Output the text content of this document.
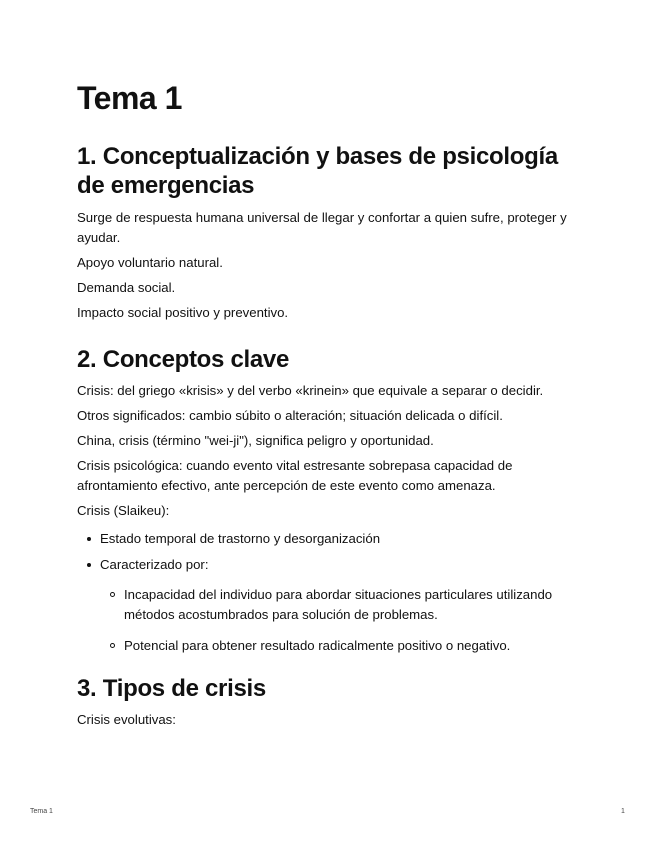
Tema 1
1. Conceptualización y bases de psicología de emergencias

Surge de respuesta humana universal de llegar y confortar a quien sufre, proteger y ayudar.

Apoyo voluntario natural.

Demanda social.

Impacto social positivo y preventivo.

2. Conceptos clave

Crisis: del griego «krisis» y del verbo «krinein» que equivale a separar o decidir.

Otros significados: cambio súbito o alteración; situación delicada o difícil.

China, crisis (término "wei-ji"), significa peligro y oportunidad.

Crisis psicológica: cuando evento vital estresante sobrepasa capacidad de afrontamiento efectivo, ante percepción de este evento como amenaza.

Crisis (Slaikeu):

Estado temporal de trastorno y desorganización
Caracterizado por:
Incapacidad del individuo para abordar situaciones particulares utilizando métodos acostumbrados para solución de problemas.
Potencial para obtener resultado radicalmente positivo o negativo.
3. Tipos de crisis

Crisis evolutivas:

Tema 1	1
